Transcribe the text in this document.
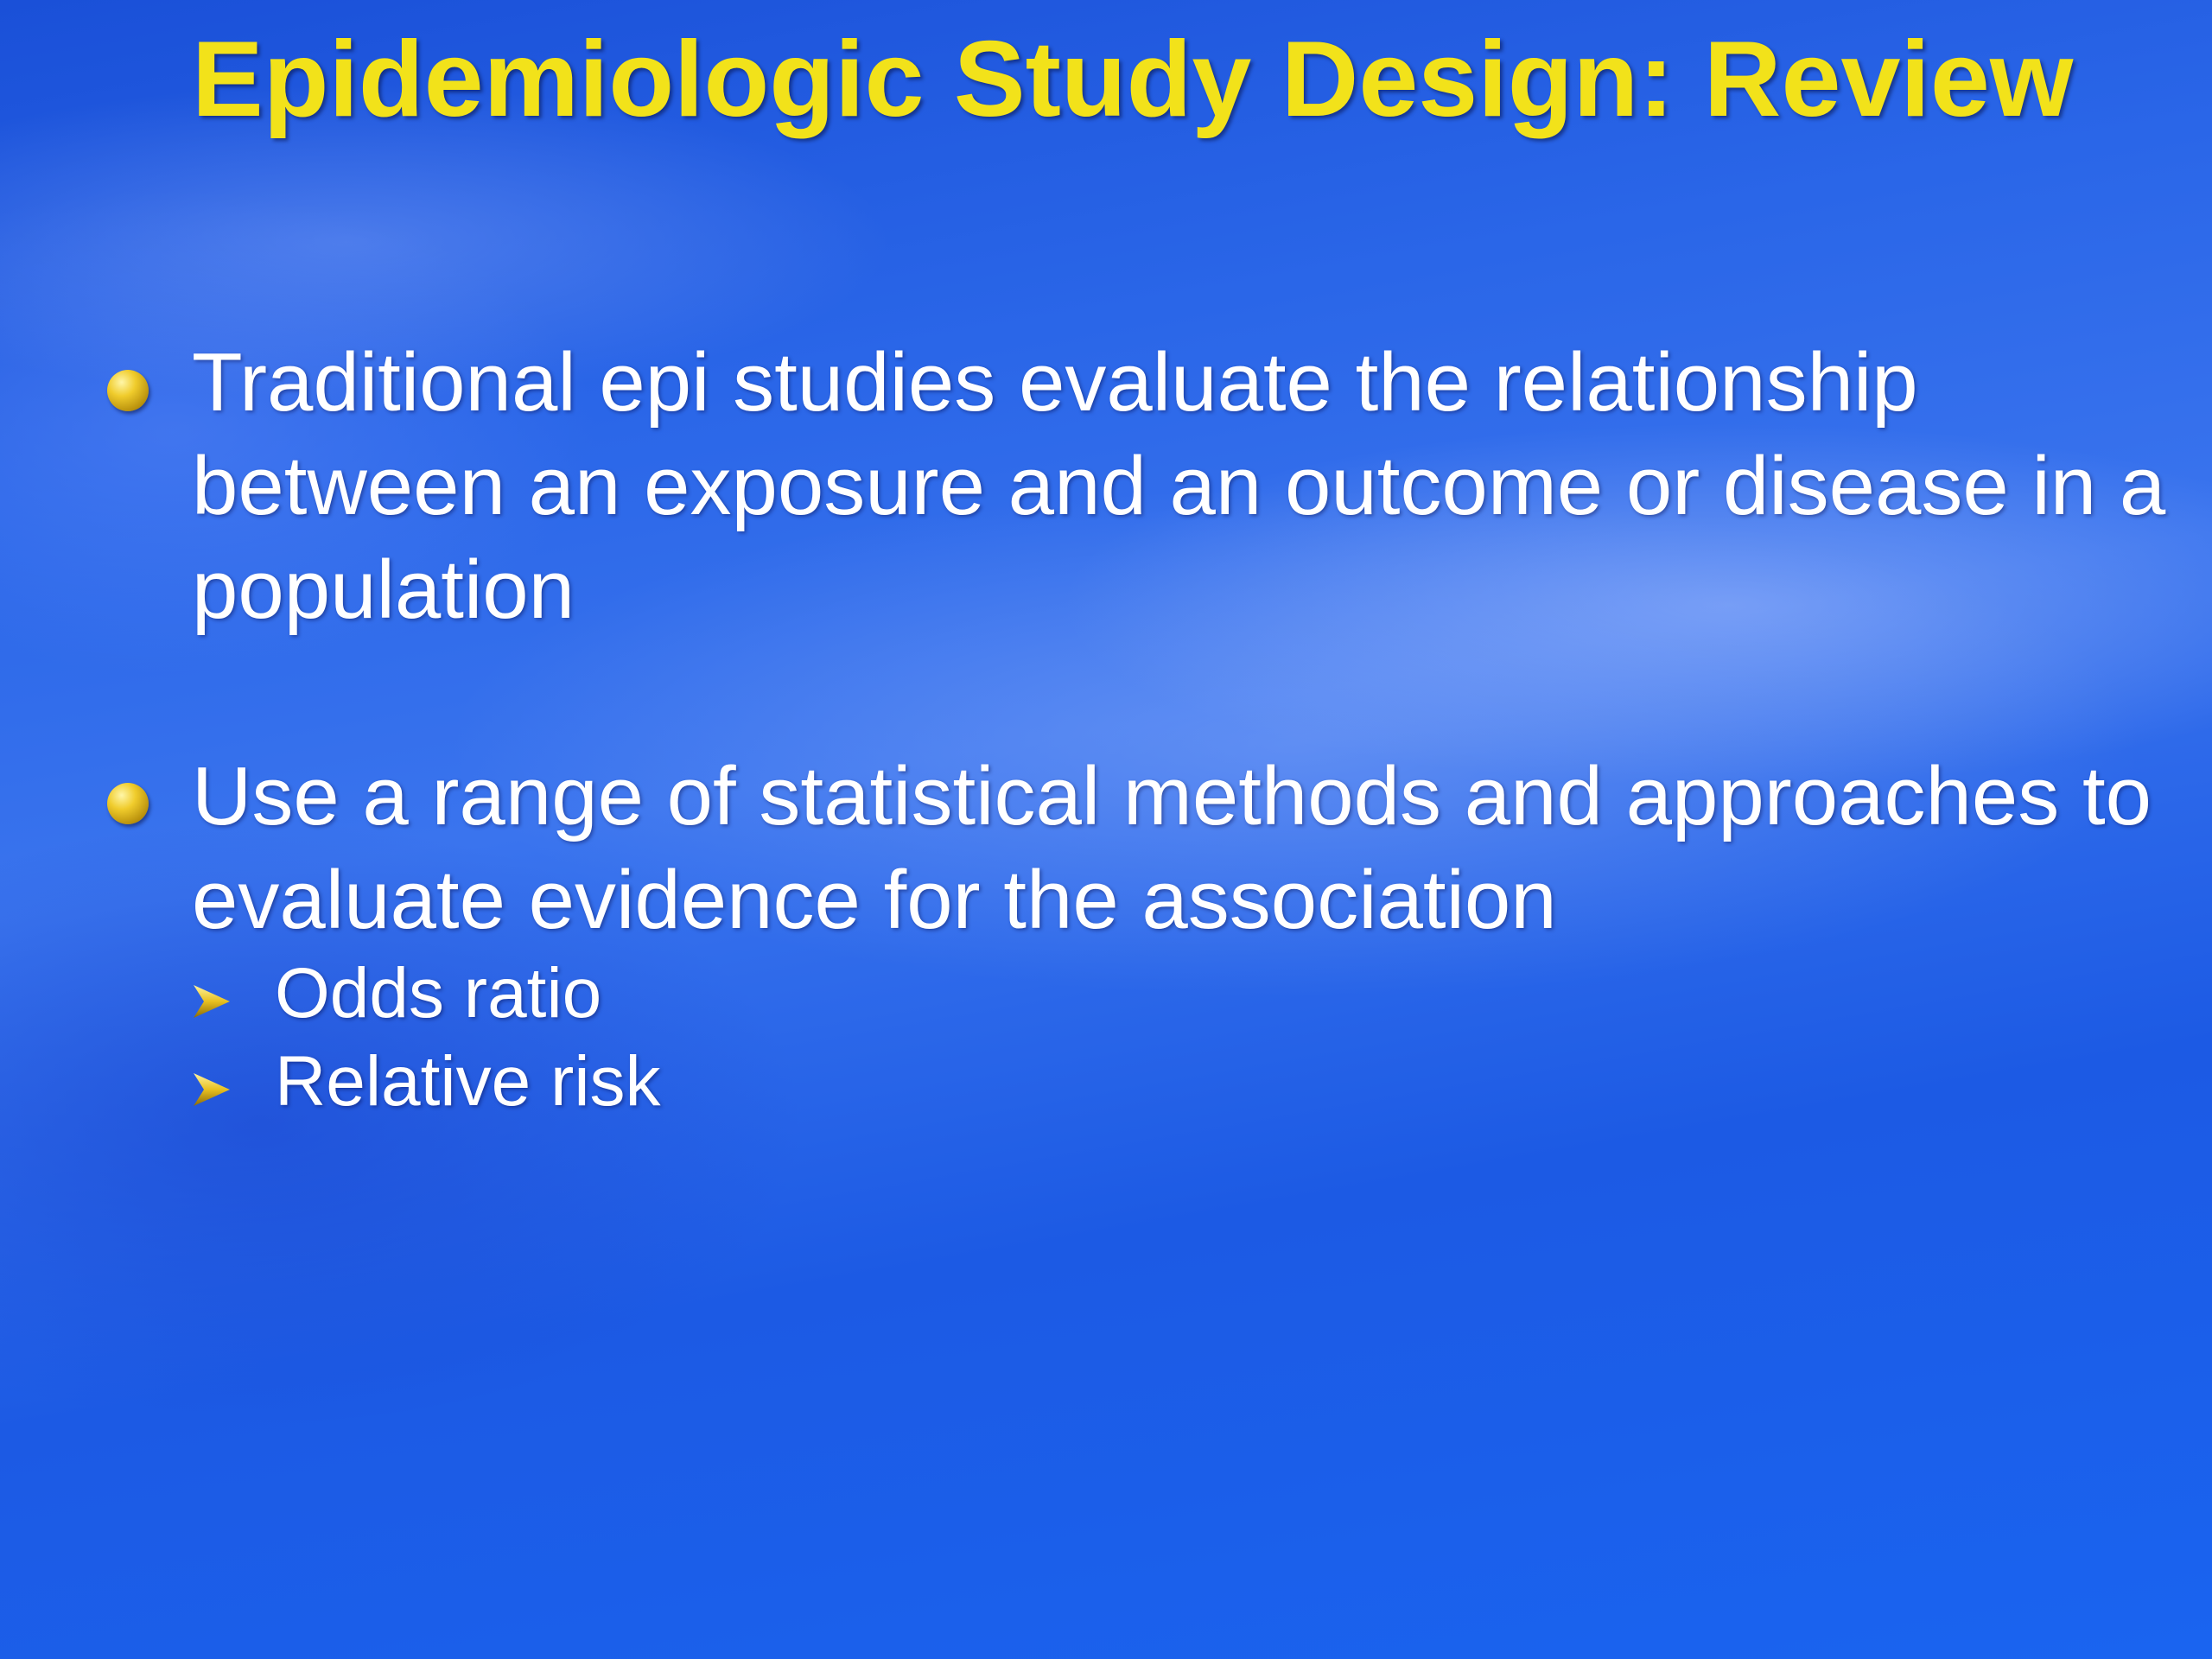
Epidemiologic Study Design: Review
Traditional epi studies evaluate the relationship between an exposure and an outcome or disease in a population
Use a range of statistical methods and approaches to evaluate evidence for the association
Odds ratio
Relative risk
